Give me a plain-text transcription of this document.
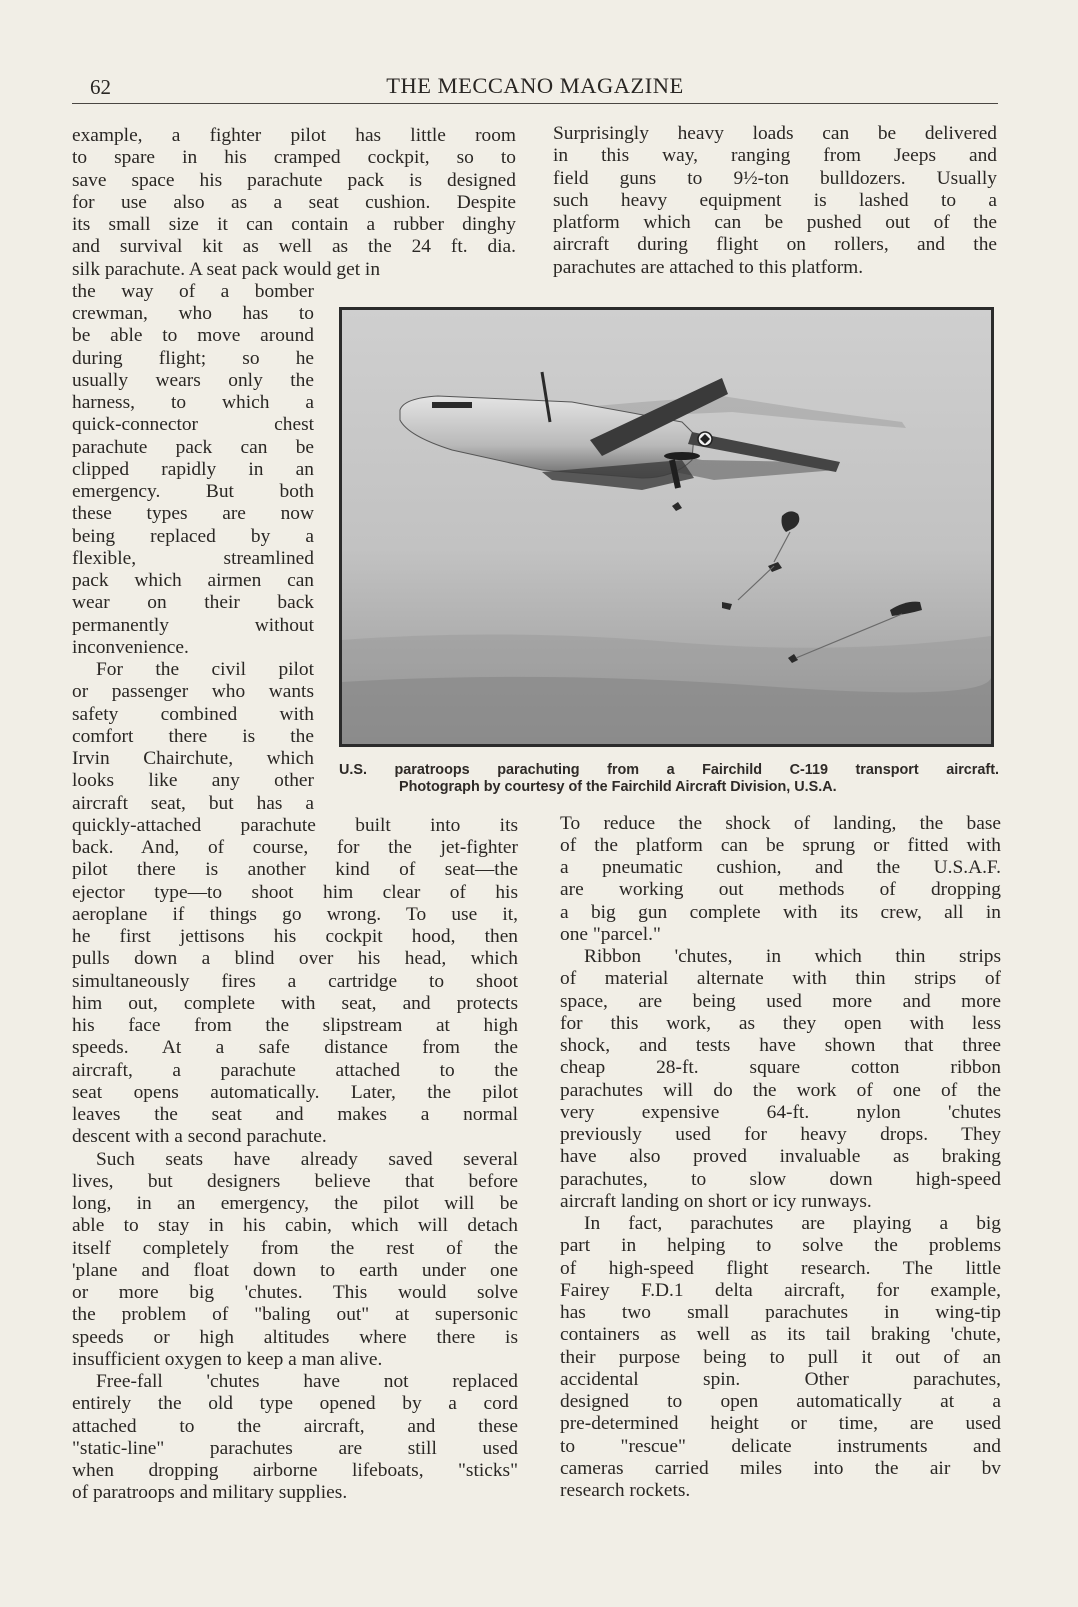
62	THE MECCANO MAGAZINE
example, a fighter pilot has little room
to spare in his cramped cockpit, so to
save space his parachute pack is designed
for use also as a seat cushion. Despite
its small size it can contain a rubber dinghy
and survival kit as well as the 24 ft. dia.
silk parachute. A seat pack would get in
the way of a bomber
crewman, who has to
be able to move around
during flight; so he
usually wears only the
harness, to which a
quick-connector chest
parachute pack can be
clipped rapidly in an
emergency. But both
these types are now
being replaced by a
flexible, streamlined
pack which airmen can
wear on their back
permanently without
inconvenience.
For the civil pilot
or passenger who wants
safety combined with
comfort there is the
Irvin Chairchute, which
looks like any other
aircraft seat, but has a
quickly-attached parachute built into its
back. And, of course, for the jet-fighter
pilot there is another kind of seat—the
ejector type—to shoot him clear of his
aeroplane if things go wrong. To use it,
he first jettisons his cockpit hood, then
pulls down a blind over his head, which
simultaneously fires a cartridge to shoot
him out, complete with seat, and protects
his face from the slipstream at high
speeds. At a safe distance from the
aircraft, a parachute attached to the
seat opens automatically. Later, the pilot
leaves the seat and makes a normal
descent with a second parachute.
Such seats have already saved several
lives, but designers believe that before
long, in an emergency, the pilot will be
able to stay in his cabin, which will detach
itself completely from the rest of the
'plane and float down to earth under one
or more big 'chutes. This would solve
the problem of "baling out" at supersonic
speeds or high altitudes where there is
insufficient oxygen to keep a man alive.
Free-fall 'chutes have not replaced
entirely the old type opened by a cord
attached to the aircraft, and these
"static-line" parachutes are still used
when dropping airborne lifeboats, "sticks"
of paratroops and military supplies.
Surprisingly heavy loads can be delivered
in this way, ranging from Jeeps and
field guns to 9½-ton bulldozers. Usually
such heavy equipment is lashed to a
platform which can be pushed out of the
aircraft during flight on rollers, and the
parachutes are attached to this platform.
To reduce the shock of landing, the base
of the platform can be sprung or fitted with
a pneumatic cushion, and the U.S.A.F.
are working out methods of dropping
a big gun complete with its crew, all in
one "parcel."
Ribbon 'chutes, in which thin strips
of material alternate with thin strips of
space, are being used more and more
for this work, as they open with less
shock, and tests have shown that three
cheap 28-ft. square cotton ribbon
parachutes will do the work of one of the
very expensive 64-ft. nylon 'chutes
previously used for heavy drops. They
have also proved invaluable as braking
parachutes, to slow down high-speed
aircraft landing on short or icy runways.
In fact, parachutes are playing a big
part in helping to solve the problems
of high-speed flight research. The little
Fairey F.D.1 delta aircraft, for example,
has two small parachutes in wing-tip
containers as well as its tail braking 'chute,
their purpose being to pull it out of an
accidental spin. Other parachutes,
designed to open automatically at a
pre-determined height or time, are used
to "rescue" delicate instruments and
cameras carried miles into the air bv
research rockets.
U.S. paratroops parachuting from a Fairchild C-119 transport aircraft.
Photograph by courtesy of the Fairchild Aircraft Division, U.S.A.
